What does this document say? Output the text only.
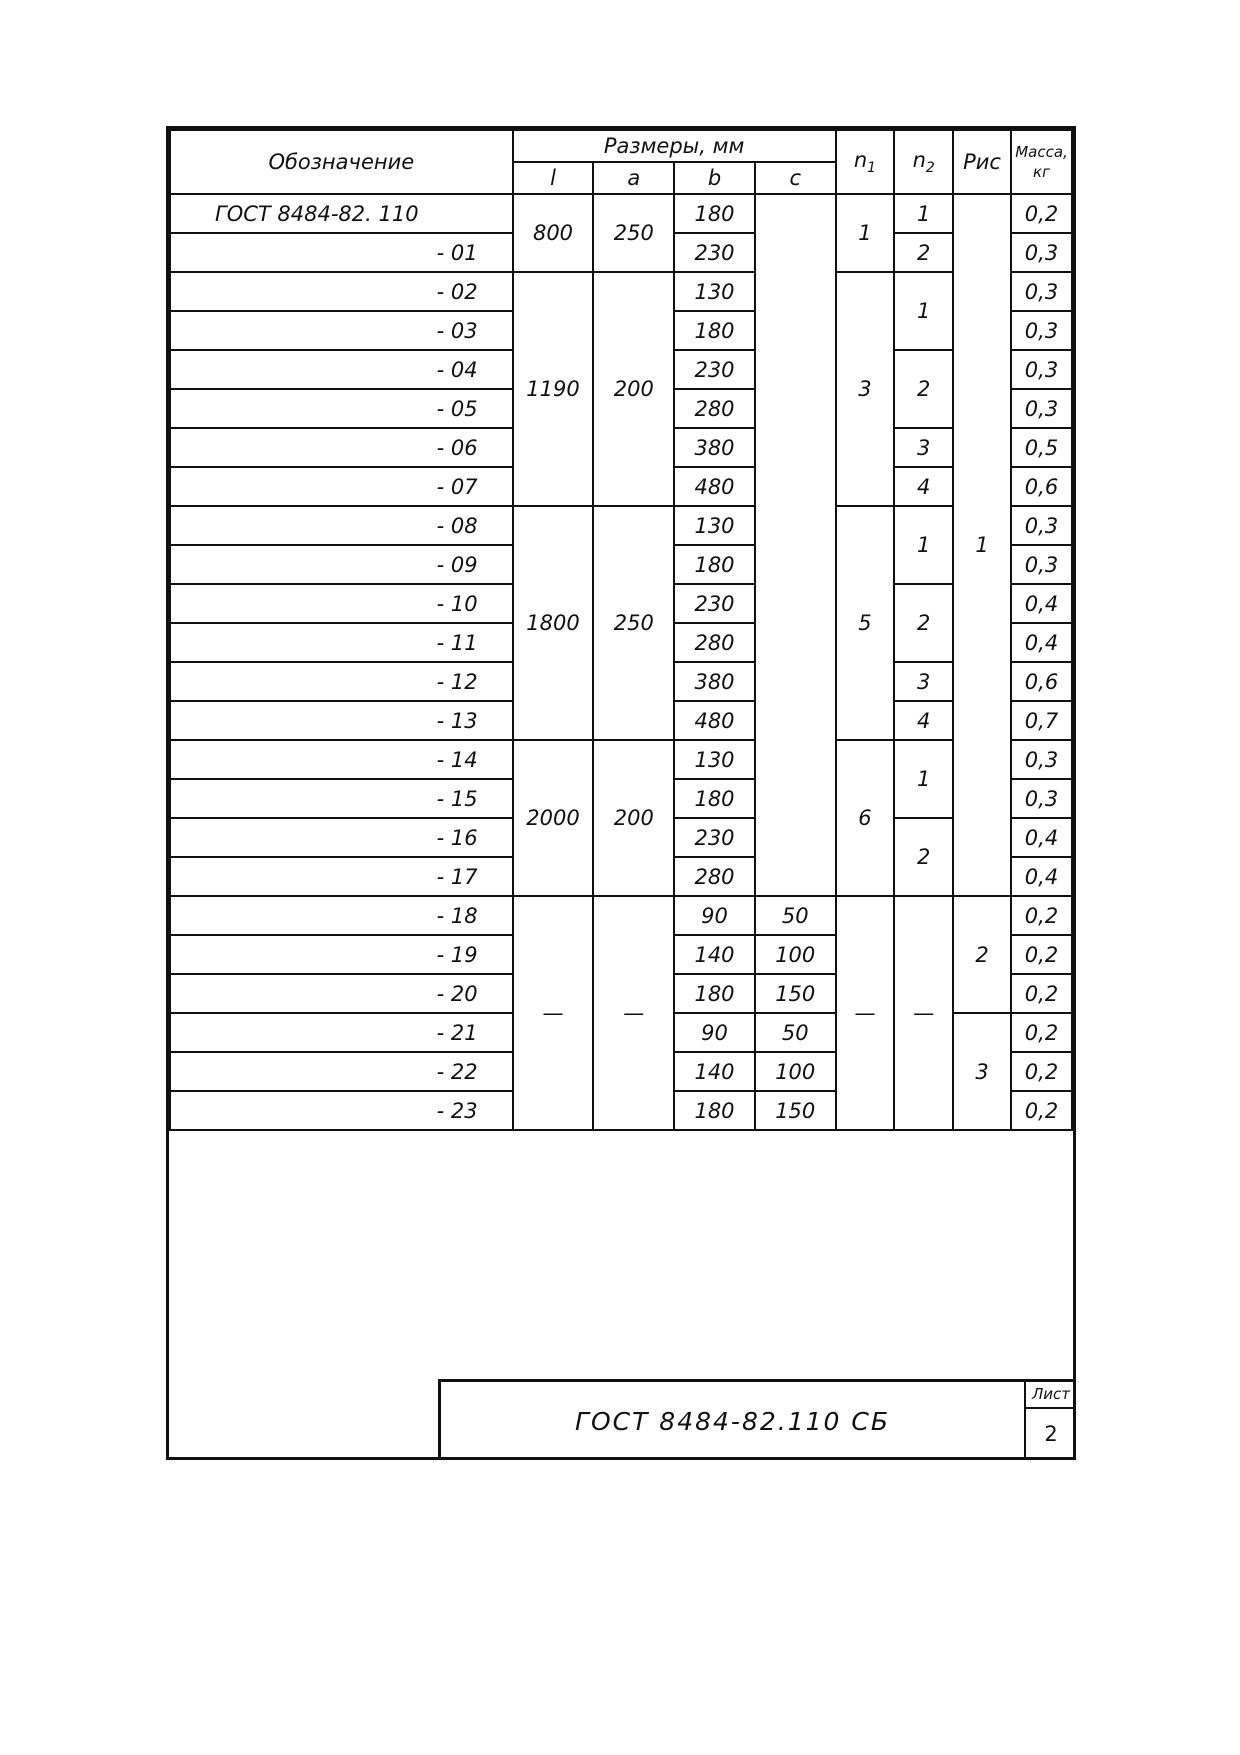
Обозначение	Размеры, мм				$n_1$	$n_2$	Рис	Масса,
кг

	l	a	b	c				
ГОСТ 8484-82. 110	800	250	180		1	1	1	0,2
- 01			230			2		0,3
- 02	1190	200	130		3	1		0,3
- 03			180					0,3
- 04			230			2		0,3
- 05			280					0,3
- 06			380			3		0,5
- 07			480			4		0,6
- 08	1800	250	130		5	1		0,3
- 09			180					0,3
- 10			230			2		0,4
- 11			280					0,4
- 12			380			3		0,6
- 13			480			4		0,7
- 14	2000	200	130		6	1		0,3
- 15			180					0,3
- 16			230			2		0,4
- 17			280					0,4
- 18	—	—	90	50	—	—	2	0,2
- 19			140	100				0,2
- 20			180	150				0,2
- 21			90	50			3	0,2
- 22			140	100				0,2
- 23			180	150				0,2
ГОСТ 8484-82.110 СБ
Лист
2
